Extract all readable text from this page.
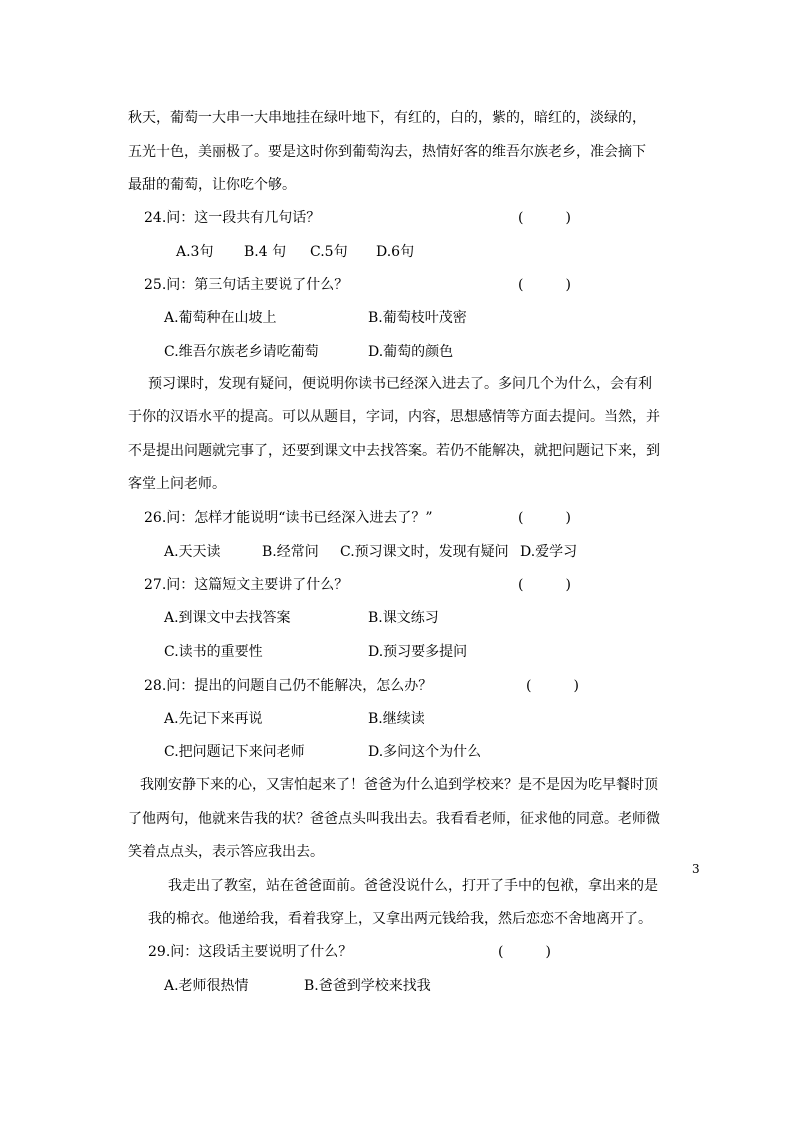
秋天，葡萄一大串一大串地挂在绿叶地下，有红的，白的，紫的，暗红的，淡绿的，
五光十色，美丽极了。要是这时你到葡萄沟去，热情好客的维吾尔族老乡，准会摘下
最甜的葡萄，让你吃个够。
24.问：这一段共有几句话？	(　　　)
A.3句 B.4 句 C.5句 D.6句
25.问：第三句话主要说了什么？	(　　　)
A.葡萄种在山坡上	B.葡萄枝叶茂密
C.维吾尔族老乡请吃葡萄	D.葡萄的颜色
预习课时，发现有疑问，便说明你读书已经深入进去了。多问几个为什么，会有利
于你的汉语水平的提高。可以从题目，字词，内容，思想感情等方面去提问。当然，并
不是提出问题就完事了，还要到课文中去找答案。若仍不能解决，就把问题记下来，到
客堂上问老师。
26.问：怎样才能说明“读书已经深入进去了？”	(　　　)
A.天天读	B.经常问 C.预习课文时，发现有疑问 D.爱学习
27.问：这篇短文主要讲了什么？	(　　　)
A.到课文中去找答案	B.课文练习
C.读书的重要性	D.预习要多提问
28.问：提出的问题自己仍不能解决，怎么办？	(　　　)
A.先记下来再说	B.继续读
C.把问题记下来问老师	D.多问这个为什么
我刚安静下来的心，又害怕起来了！爸爸为什么追到学校来？是不是因为吃早餐时顶
了他两句，他就来告我的状？爸爸点头叫我出去。我看看老师，征求他的同意。老师微
笑着点点头，表示答应我出去。
3
我走出了教室，站在爸爸面前。爸爸没说什么，打开了手中的包袱，拿出来的是
我的棉衣。他递给我，看着我穿上，又拿出两元钱给我，然后恋恋不舍地离开了。
29.问：这段话主要说明了什么？	(　　　)
A.老师很热情	B.爸爸到学校来找我
